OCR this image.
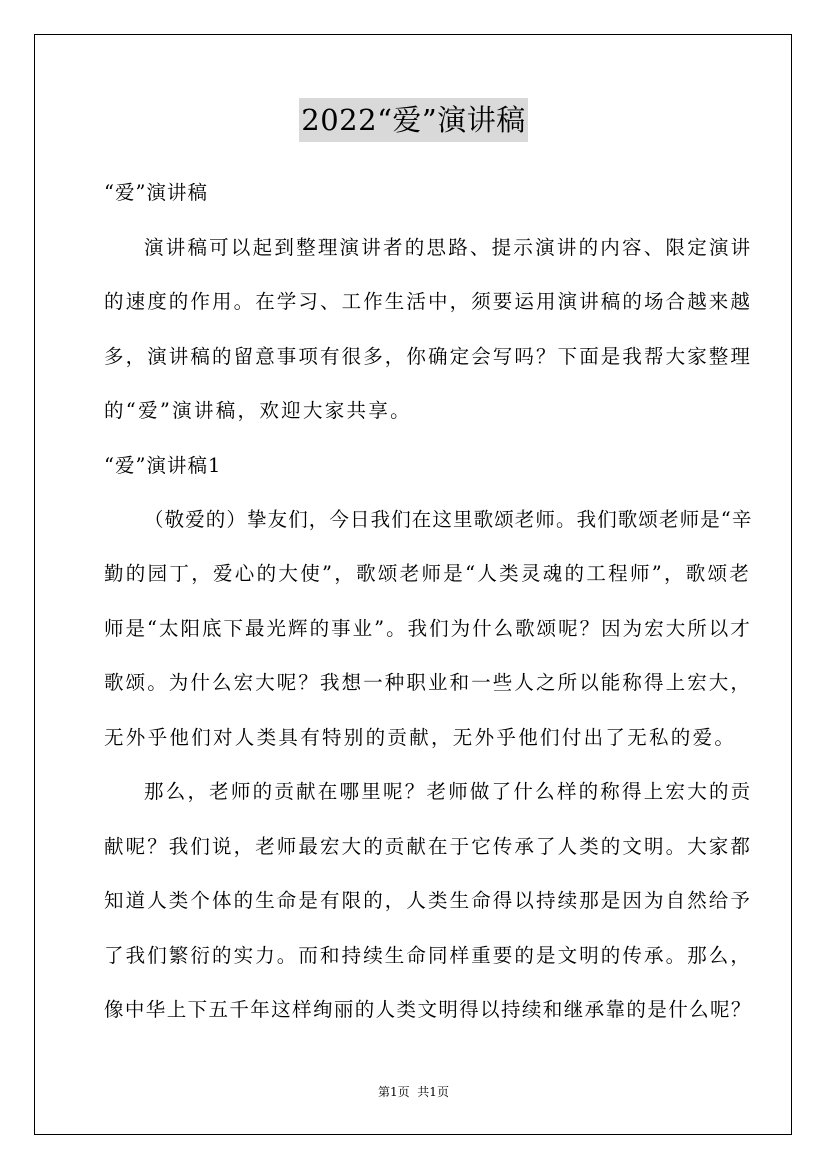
2022“爱”演讲稿
“爱”演讲稿
演讲稿可以起到整理演讲者的思路、提示演讲的内容、限定演讲
的速度的作用。在学习、工作生活中，须要运用演讲稿的场合越来越
多，演讲稿的留意事项有很多，你确定会写吗？下面是我帮大家整理
的“爱”演讲稿，欢迎大家共享。
“爱”演讲稿1
（敬爱的）挚友们，今日我们在这里歌颂老师。我们歌颂老师是“辛
勤的园丁，爱心的大使”，歌颂老师是“人类灵魂的工程师”，歌颂老
师是“太阳底下最光辉的事业”。我们为什么歌颂呢？因为宏大所以才
歌颂。为什么宏大呢？我想一种职业和一些人之所以能称得上宏大，
无外乎他们对人类具有特别的贡献，无外乎他们付出了无私的爱。
那么，老师的贡献在哪里呢？老师做了什么样的称得上宏大的贡
献呢？我们说，老师最宏大的贡献在于它传承了人类的文明。大家都
知道人类个体的生命是有限的，人类生命得以持续那是因为自然给予
了我们繁衍的实力。而和持续生命同样重要的是文明的传承。那么，
像中华上下五千年这样绚丽的人类文明得以持续和继承靠的是什么呢？
第1页  共1页
